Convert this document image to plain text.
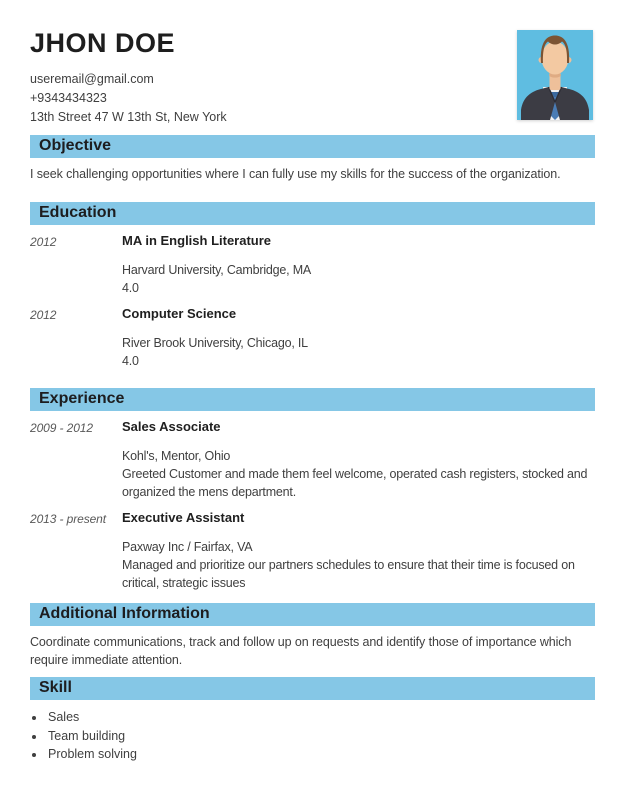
JHON DOE
useremail@gmail.com
+9343434323
13th Street 47 W 13th St, New York
Objective

I seek challenging opportunities where I can fully use my skills for the success of the organization.

Education
2012	MA in English Literature
Harvard University, Cambridge, MA
4.0
2012	Computer Science
River Brook University, Chicago, IL
4.0
Experience
2009 - 2012	Sales Associate
Kohl's, Mentor, Ohio
Greeted Customer and made them feel welcome, operated cash registers, stocked and organized the mens department.
2013 - present	Executive Assistant
Paxway Inc / Fairfax, VA
Managed and prioritize our partners schedules to ensure that their time is focused on critical, strategic issues
Additional Information

Coordinate communications, track and follow up on requests and identify those of importance which require immediate attention.

Skill
• Sales
• Team building
• Problem solving
